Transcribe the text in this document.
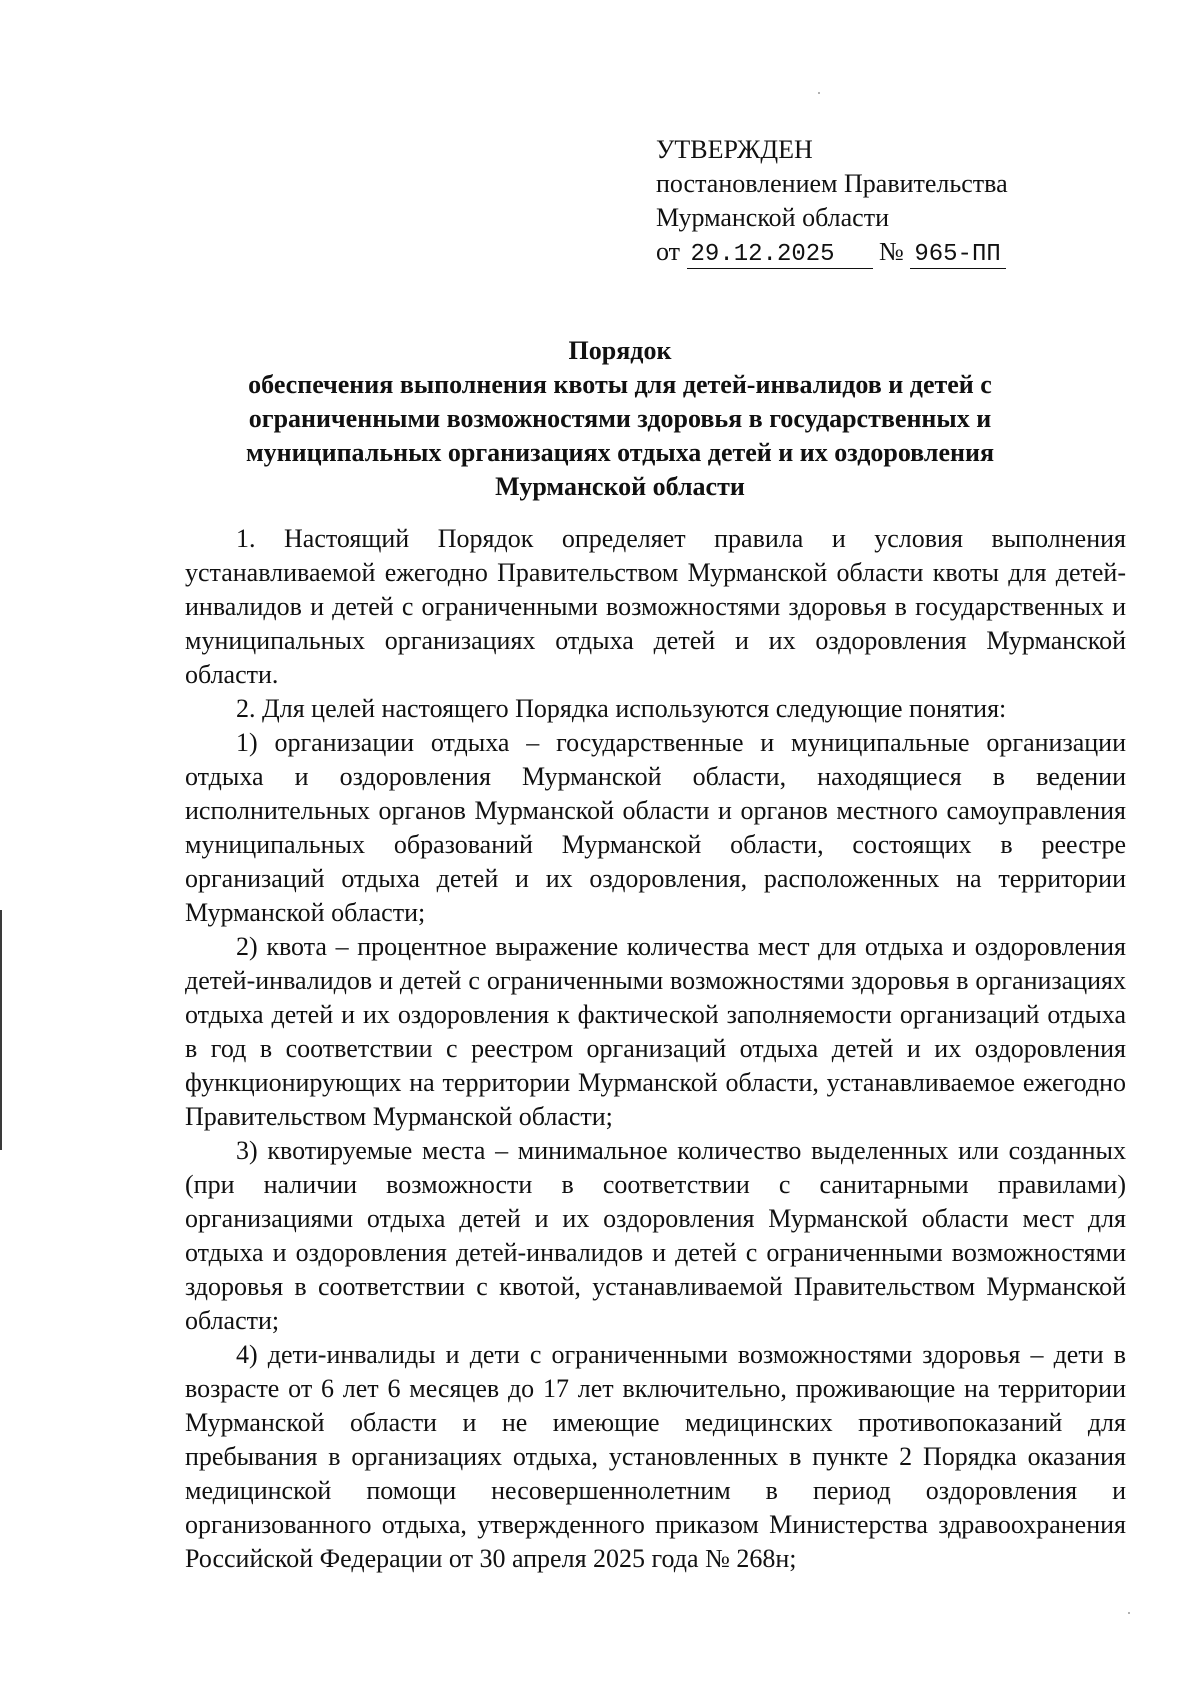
УТВЕРЖДЕН
постановлением Правительства
Мурманской области
от 29.12.2025 № 965-ПП
Порядок
обеспечения выполнения квоты для детей-инвалидов и детей с
ограниченными возможностями здоровья в государственных и
муниципальных организациях отдыха детей и их оздоровления
Мурманской области

1. Настоящий Порядок определяет правила и условия выполнения устанавливаемой ежегодно Правительством Мурманской области квоты для детей-инвалидов и детей с ограниченными возможностями здоровья в государственных и муниципальных организациях отдыха детей и их оздоровления Мурманской области.

2. Для целей настоящего Порядка используются следующие понятия:

1) организации отдыха – государственные и муниципальные организации отдыха и оздоровления Мурманской области, находящиеся в ведении исполнительных органов Мурманской области и органов местного самоуправления муниципальных образований Мурманской области, состоящих в реестре организаций отдыха детей и их оздоровления, расположенных на территории Мурманской области;

2) квота – процентное выражение количества мест для отдыха и оздоровления детей-инвалидов и детей с ограниченными возможностями здоровья в организациях отдыха детей и их оздоровления к фактической заполняемости организаций отдыха в год в соответствии с реестром организаций отдыха детей и их оздоровления функционирующих на территории Мурманской области, устанавливаемое ежегодно Правительством Мурманской области;

3) квотируемые места – минимальное количество выделенных или созданных (при наличии возможности в соответствии с санитарными правилами) организациями отдыха детей и их оздоровления Мурманской области мест для отдыха и оздоровления детей-инвалидов и детей с ограниченными возможностями здоровья в соответствии с квотой, устанавливаемой Правительством Мурманской области;

4) дети-инвалиды и дети с ограниченными возможностями здоровья – дети в возрасте от 6 лет 6 месяцев до 17 лет включительно, проживающие на территории Мурманской области и не имеющие медицинских противопоказаний для пребывания в организациях отдыха, установленных в пункте 2 Порядка оказания медицинской помощи несовершеннолетним в период оздоровления и организованного отдыха, утвержденного приказом Министерства здравоохранения Российской Федерации от 30 апреля 2025 года № 268н;
